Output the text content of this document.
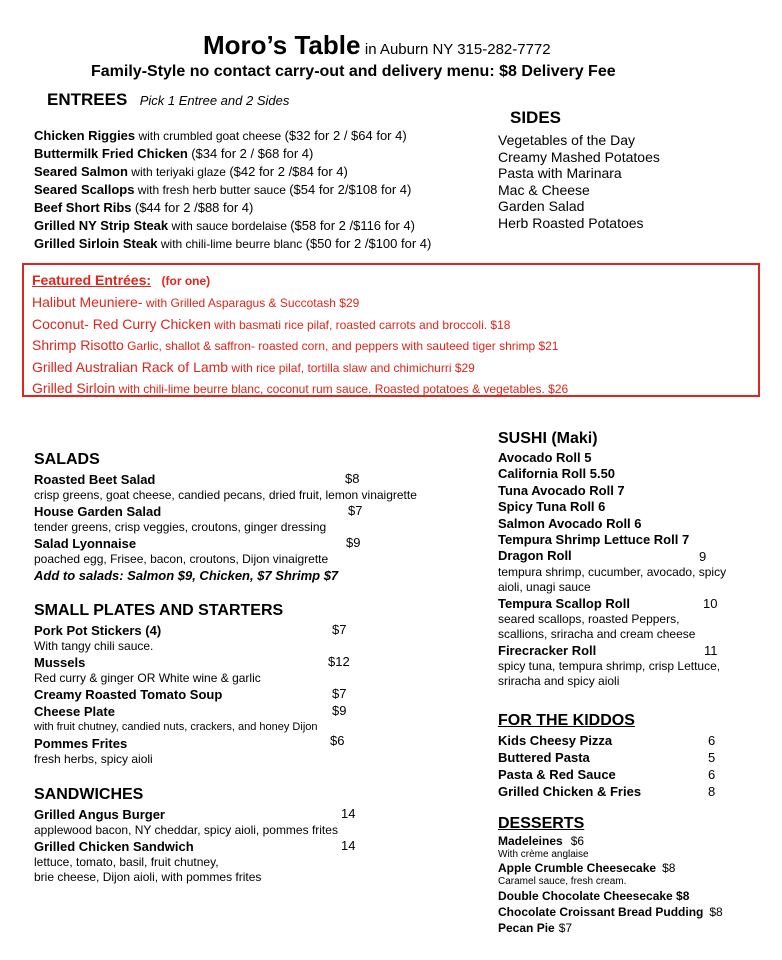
Moro’s Table in Auburn NY 315-282-7772
Family-Style no contact carry-out and delivery menu: $8 Delivery Fee
ENTREES Pick 1 Entree and 2 Sides
Chicken Riggies with crumbled goat cheese ($32 for 2 / $64 for 4)
Buttermilk Fried Chicken ($34 for 2 / $68 for 4)
Seared Salmon with teriyaki glaze ($42 for 2 /$84 for 4)
Seared Scallops with fresh herb butter sauce ($54 for 2/$108 for 4)
Beef Short Ribs ($44 for 2 /$88 for 4)
Grilled NY Strip Steak with sauce bordelaise ($58 for 2 /$116 for 4)
Grilled Sirloin Steak with chili-lime beurre blanc ($50 for 2 /$100 for 4)
SIDES
Vegetables of the Day
Creamy Mashed Potatoes
Pasta with Marinara
Mac & Cheese
Garden Salad
Herb Roasted Potatoes
Featured Entrées: (for one)
Halibut Meuniere- with Grilled Asparagus & Succotash $29
Coconut- Red Curry Chicken with basmati rice pilaf, roasted carrots and broccoli. $18
Shrimp Risotto Garlic, shallot & saffron- roasted corn, and peppers with sauteed tiger shrimp $21
Grilled Australian Rack of Lamb with rice pilaf, tortilla slaw and chimichurri $29
Grilled Sirloin with chili-lime beurre blanc, coconut rum sauce. Roasted potatoes & vegetables. $26
SALADS
Roasted Beet Salad
crisp greens, goat cheese, candied pecans, dried fruit, lemon vinaigrette
House Garden Salad
tender greens, crisp veggies, croutons, ginger dressing
Salad Lyonnaise
poached egg, Frisee, bacon, croutons, Dijon vinaigrette
Add to salads: Salmon $9, Chicken, $7 Shrimp $7
$8
$7
$9
SMALL PLATES AND STARTERS
Pork Pot Stickers (4)
With tangy chili sauce.
Mussels
Red curry & ginger OR White wine & garlic
Creamy Roasted Tomato Soup
Cheese Plate
with fruit chutney, candied nuts, crackers, and honey Dijon
Pommes Frites
fresh herbs, spicy aioli
$7
$12
$7
$9
$6
SANDWICHES
Grilled Angus Burger
applewood bacon, NY cheddar, spicy aioli, pommes frites
Grilled Chicken Sandwich
lettuce, tomato, basil, fruit chutney,
brie cheese, Dijon aioli, with pommes frites
14
14
SUSHI (Maki)
Avocado Roll 5
California Roll 5.50
Tuna Avocado Roll 7
Spicy Tuna Roll 6
Salmon Avocado Roll 6
Tempura Shrimp Lettuce Roll 7
Dragon Roll
tempura shrimp, cucumber, avocado, spicy
aioli, unagi sauce
Tempura Scallop Roll
seared scallops, roasted Peppers,
scallions, sriracha and cream cheese
Firecracker Roll
spicy tuna, tempura shrimp, crisp Lettuce,
sriracha and spicy aioli
9
10
11
FOR THE KIDDOS
Kids Cheesy Pizza
Buttered Pasta
Pasta & Red Sauce
Grilled Chicken & Fries
6
5
6
8
DESSERTS
Madeleines $6
With crème anglaise
Apple Crumble Cheesecake $8
Caramel sauce, fresh cream.
Double Chocolate Cheesecake $8
Chocolate Croissant Bread Pudding $8
Pecan Pie $7
